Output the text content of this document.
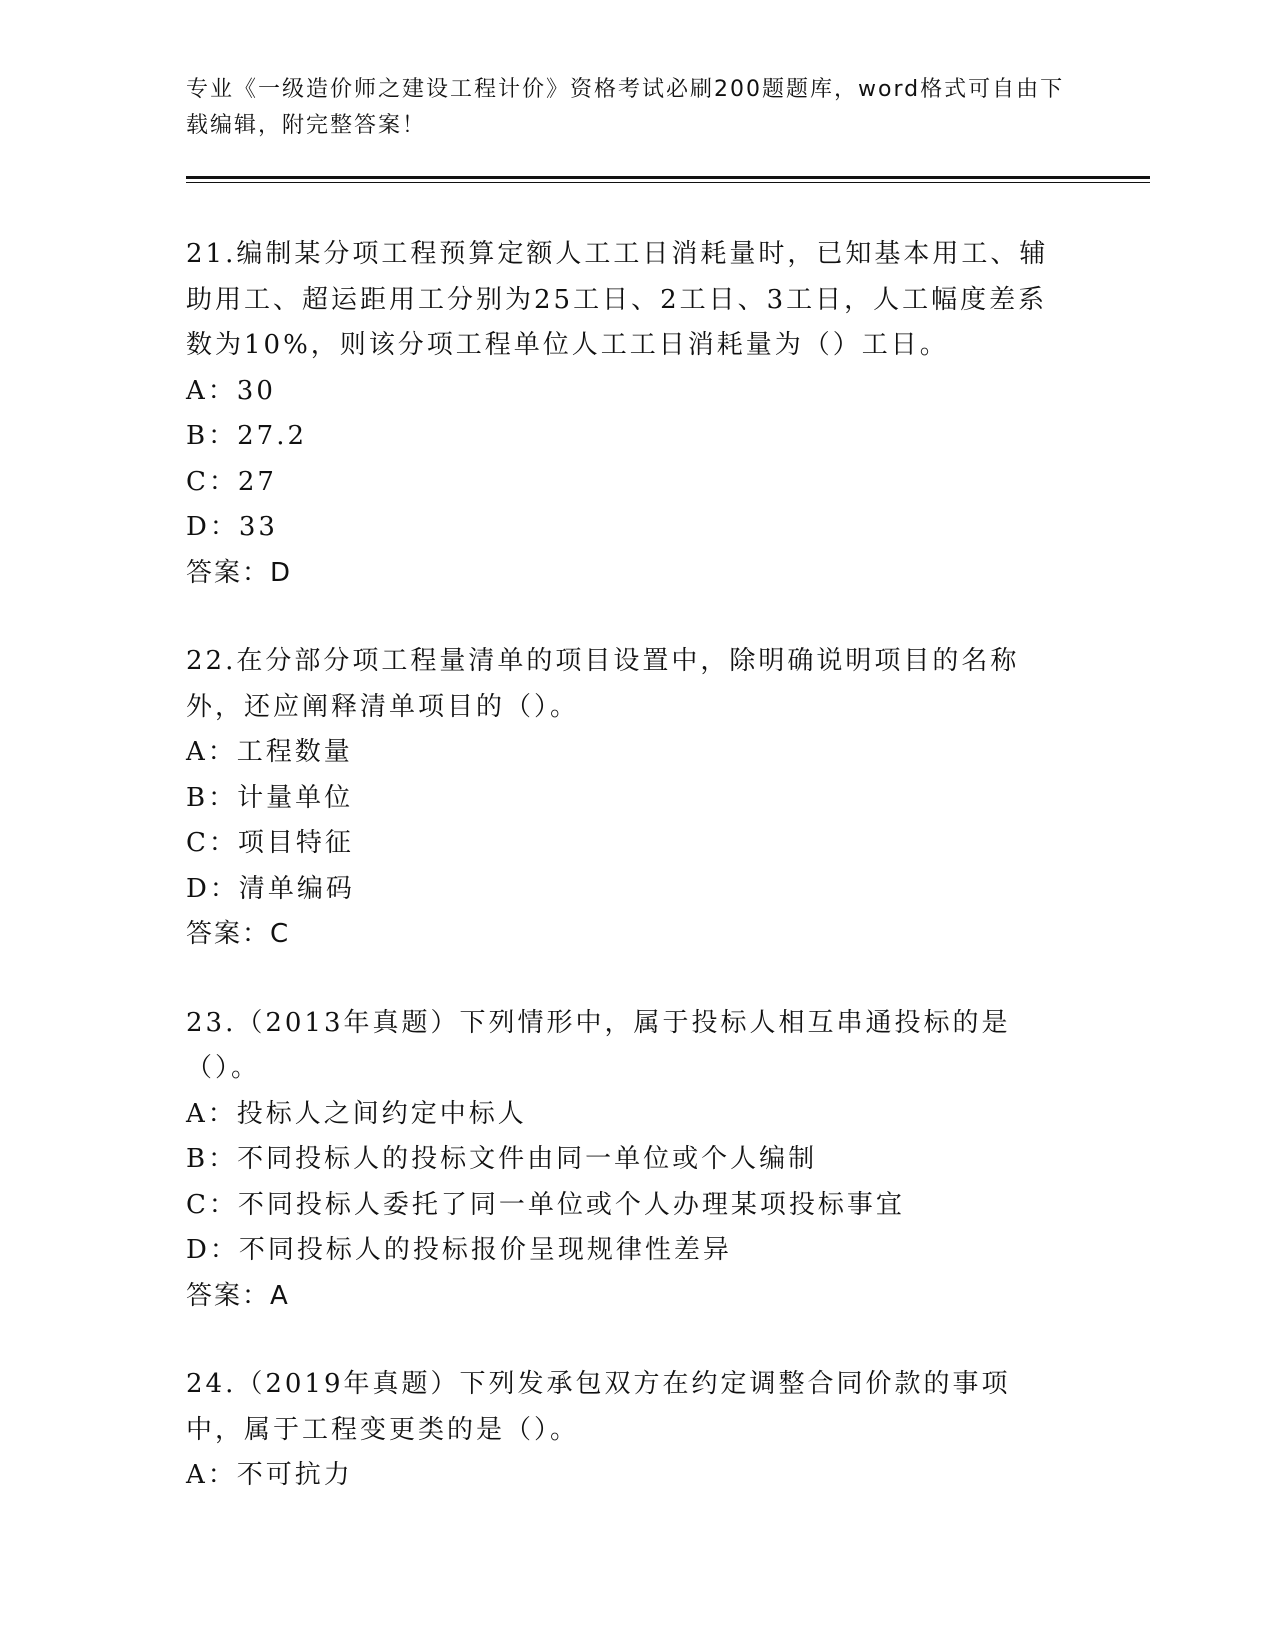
专业《一级造价师之建设工程计价》资格考试必刷200题题库，word格式可自由下载编辑，附完整答案！
21.编制某分项工程预算定额人工工日消耗量时，已知基本用工、辅助用工、超运距用工分别为25工日、2工日、3工日，人工幅度差系数为10%，则该分项工程单位人工工日消耗量为（）工日。
A：30
B：27.2
C：27
D：33
答案：D
22.在分部分项工程量清单的项目设置中，除明确说明项目的名称外，还应阐释清单项目的（）。
A：工程数量
B：计量单位
C：项目特征
D：清单编码
答案：C
23.（2013年真题）下列情形中，属于投标人相互串通投标的是（）。
A：投标人之间约定中标人
B：不同投标人的投标文件由同一单位或个人编制
C：不同投标人委托了同一单位或个人办理某项投标事宜
D：不同投标人的投标报价呈现规律性差异
答案：A
24.（2019年真题）下列发承包双方在约定调整合同价款的事项中，属于工程变更类的是（）。
A：不可抗力
